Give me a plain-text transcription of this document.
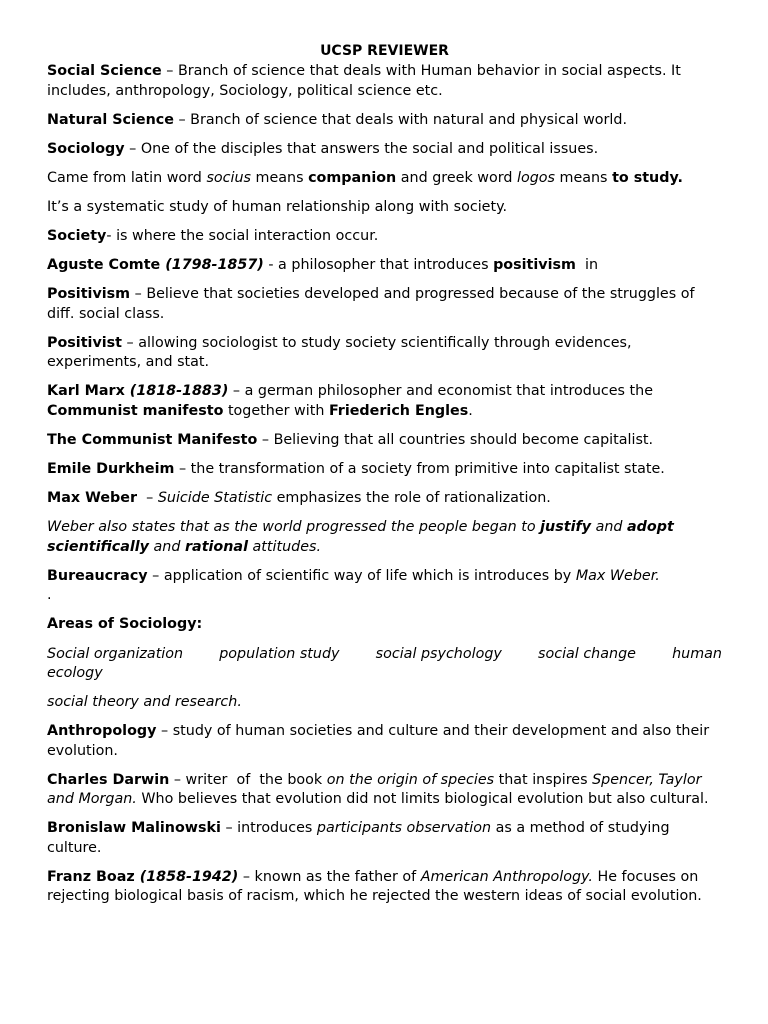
UCSP REVIEWER

Social Science – Branch of science that deals with Human behavior in social aspects. It includes, anthropology, Sociology, political science etc.

Natural Science – Branch of science that deals with natural and physical world.

Sociology – One of the disciples that answers the social and political issues.

Came from latin word socius means companion and greek word logos means to study.

It’s a systematic study of human relationship along with society.

Society- is where the social interaction occur.

Aguste Comte (1798-1857) - a philosopher that introduces positivism  in

Positivism – Believe that societies developed and progressed because of the struggles of diff. social class.

Positivist – allowing sociologist to study society scientifically through evidences, experiments, and stat.

Karl Marx (1818-1883) – a german philosopher and economist that introduces the Communist manifesto together with Friederich Engles.

The Communist Manifesto – Believing that all countries should become capitalist.

Emile Durkheim – the transformation of a society from primitive into capitalist state.

Max Weber  – Suicide Statistic emphasizes the role of rationalization.

Weber also states that as the world progressed the people began to justify and adopt scientifically and rational attitudes.

Bureaucracy – application of scientific way of life which is introduces by Max Weber.
.

Areas of Sociology:

Social organization	population study	social psychology	social change	human
ecology

social theory and research.

Anthropology – study of human societies and culture and their development and also their evolution.

Charles Darwin – writer  of  the book on the origin of species that inspires Spencer, Taylor and Morgan. Who believes that evolution did not limits biological evolution but also cultural.

Bronislaw Malinowski – introduces participants observation as a method of studying culture.

Franz Boaz (1858-1942) – known as the father of American Anthropology. He focuses on rejecting biological basis of racism, which he rejected the western ideas of social evolution.
